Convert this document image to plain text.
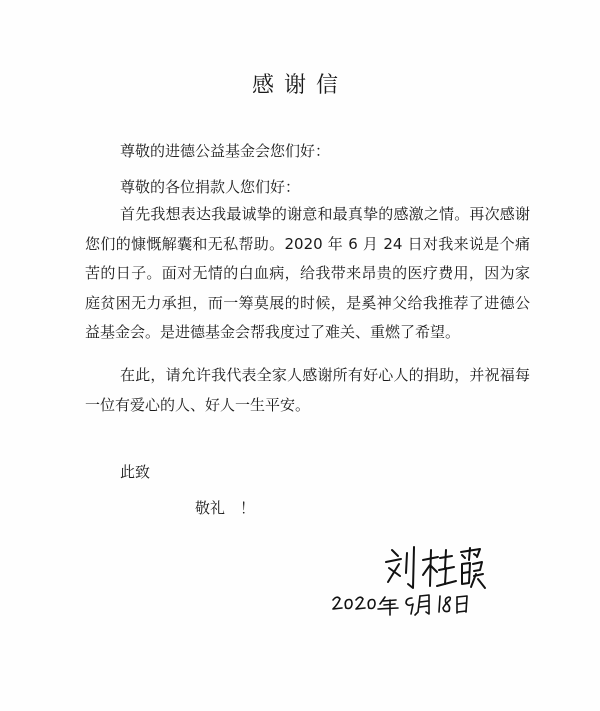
感谢信
尊敬的进德公益基金会您们好：
尊敬的各位捐款人您们好：
首先我想表达我最诚挚的谢意和最真挚的感激之情。再次感谢您们的慷慨解囊和无私帮助。2020 年 6 月 24 日对我来说是个痛苦的日子。面对无情的白血病，给我带来昂贵的医疗费用，因为家庭贫困无力承担，而一筹莫展的时候，是奚神父给我推荐了进德公益基金会。是进德基金会帮我度过了难关、重燃了希望。
在此，请允许我代表全家人感谢所有好心人的捐助，并祝福每一位有爱心的人、好人一生平安。
此致
敬礼　！
